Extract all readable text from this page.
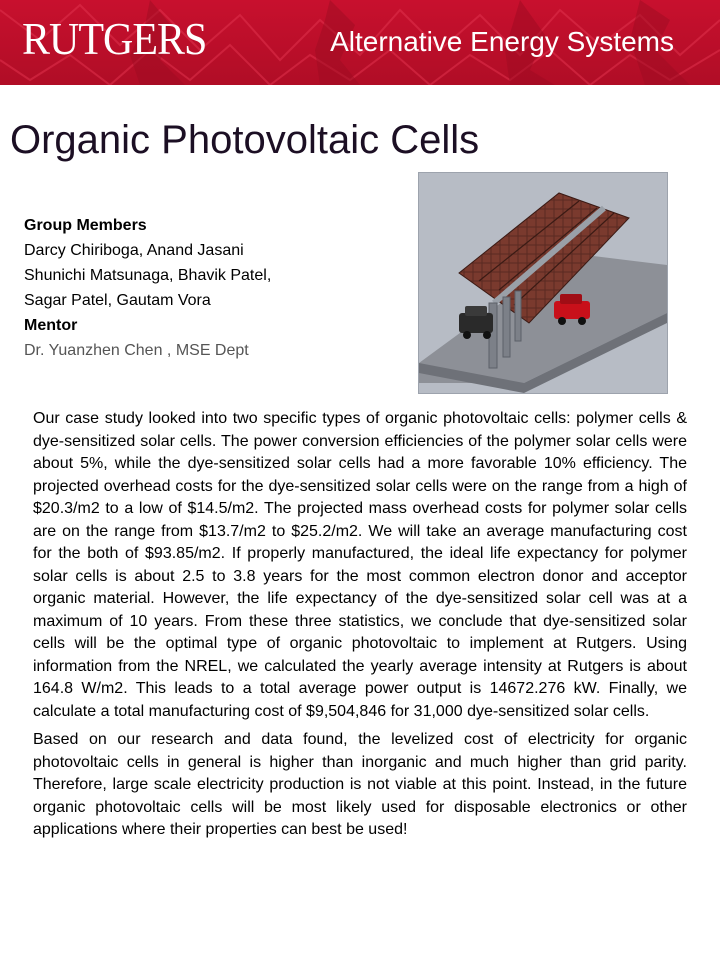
RUTGERS	Alternative Energy Systems
Organic Photovoltaic Cells
Group Members
Darcy Chiriboga, Anand Jasani
Shunichi Matsunaga, Bhavik Patel,
Sagar Patel, Gautam Vora
Mentor
Dr. Yuanzhen Chen , MSE Dept

Our case study looked into two specific types of organic photovoltaic cells: polymer cells & dye-sensitized solar cells. The power conversion efficiencies of the polymer solar cells were about 5%, while the dye-sensitized solar cells had a more favorable 10% efficiency. The projected overhead costs for the dye-sensitized solar cells were on the range from a high of $20.3/m2 to a low of $14.5/m2. The projected mass overhead costs for polymer solar cells are on the range from $13.7/m2 to $25.2/m2. We will take an average manufacturing cost for the both of $93.85/m2. If properly manufactured, the ideal life expectancy for polymer solar cells is about 2.5 to 3.8 years for the most common electron donor and acceptor organic material. However, the life expectancy of the dye-sensitized solar cell was at a maximum of 10 years. From these three statistics, we conclude that dye-sensitized solar cells will be the optimal type of organic photovoltaic to implement at Rutgers. Using information from the NREL, we calculated the yearly average intensity at Rutgers is about 164.8 W/m2. This leads to a total average power output is 14672.276 kW. Finally, we calculate a total manufacturing cost of $9,504,846 for 31,000 dye-sensitized solar cells.

Based on our research and data found, the levelized cost of electricity for organic photovoltaic cells in general is higher than inorganic and much higher than grid parity. Therefore, large scale electricity production is not viable at this point. Instead, in the future organic photovoltaic cells will be most likely used for disposable electronics or other applications where their properties can best be used!
